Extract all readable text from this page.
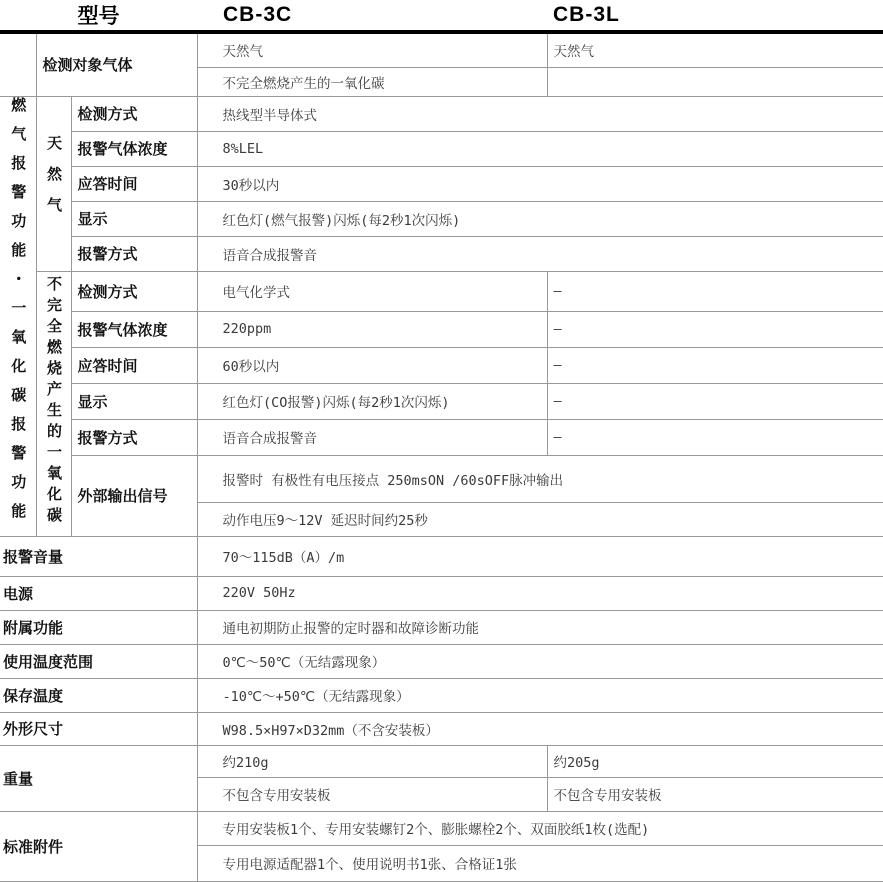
型号			CB-3C	CB-3L
	检测对象气体		天然气	天然气
			不完全燃烧产生的一氧化碳	
燃气报警功能・一氧化碳报警功能	天然气	检测方式	热线型半导体式	
		报警气体浓度	8%LEL	
		应答时间	30秒以内	
		显示	红色灯(燃气报警)闪烁(每2秒1次闪烁)	
		报警方式	语音合成报警音	
	不完全燃烧产生的一氧化碳	检测方式	电气化学式	–
		报警气体浓度	220ppm	–
		应答时间	60秒以内	–
		显示	红色灯(CO报警)闪烁(每2秒1次闪烁)	–
		报警方式	语音合成报警音	–
		外部输出信号	报警时 有极性有电压接点 250msON /60sOFF脉冲输出	
			动作电压9～12V 延迟时间约25秒	
报警音量			70～115dB（A）/m	
电源			220V 50Hz	
附属功能			通电初期防止报警的定时器和故障诊断功能	
使用温度范围			0℃～50℃（无结露现象）	
保存温度			-10℃～+50℃（无结露现象）	
外形尺寸			W98.5×H97×D32mm（不含安装板）	
重量			约210g	约205g
			不包含专用安装板	不包含专用安装板
标准附件			专用安装板1个、专用安装螺钉2个、膨胀螺栓2个、双面胶纸1枚(选配)	
			专用电源适配器1个、使用说明书1张、合格证1张	
